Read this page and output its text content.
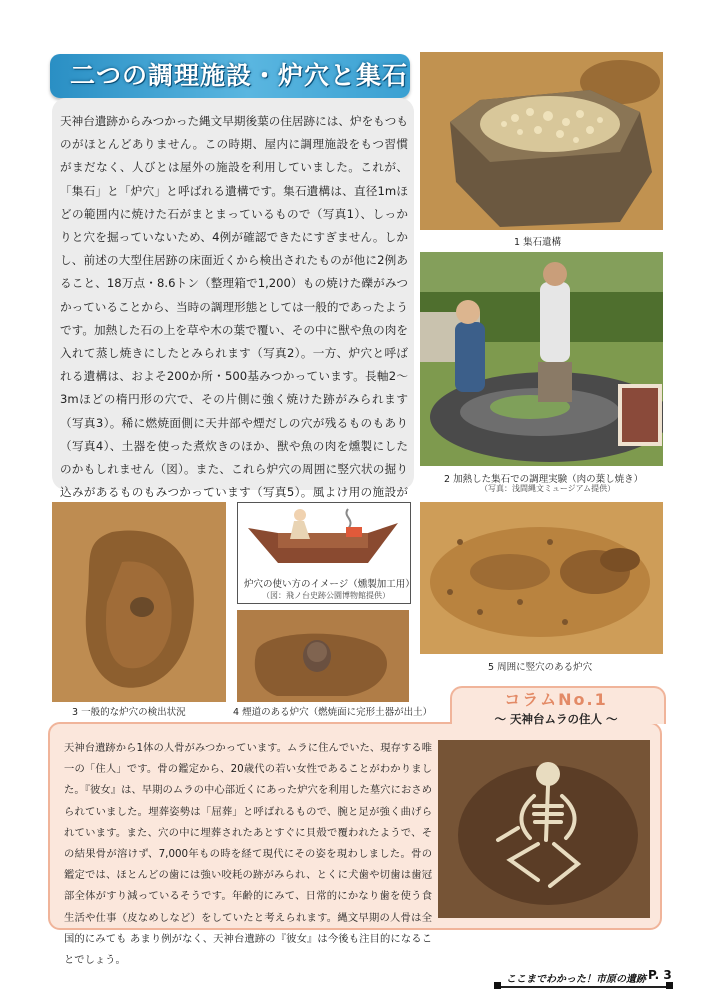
二つの調理施設・炉穴と集石
天神台遺跡からみつかった縄文早期後葉の住居跡には、炉をもつものがほとんどありません。この時期、屋内に調理施設をもつ習慣がまだなく、人びとは屋外の施設を利用していました。これが、「集石」と「炉穴」と呼ばれる遺構です。集石遺構は、直径1mほどの範囲内に焼けた石がまとまっているもので（写真1）、しっかりと穴を掘っていないため、4例が確認できたにすぎません。しかし、前述の大型住居跡の床面近くから検出されたものが他に2例あること、18万点・8.6トン（整理箱で1,200）もの焼けた礫がみつかっていることから、当時の調理形態としては一般的であったようです。加熱した石の上を草や木の葉で覆い、その中に獣や魚の肉を入れて蒸し焼きにしたとみられます（写真2）。一方、炉穴と呼ばれる遺構は、およそ200か所・500基みつかっています。長軸2〜3mほどの楕円形の穴で、その片側に強く焼けた跡がみられます（写真3）。稀に燃焼面側に天井部や煙だしの穴が残るものもあり（写真4）、土器を使った煮炊きのほか、獣や魚の肉を燻製にしたのかもしれません（図）。また、これら炉穴の周囲に竪穴状の掘り込みがあるものもみつかっています（写真5）。風よけ用の施設が
1 集石遺構
2 加熱した集石での調理実験（肉の葉し焼き）
（写真：浅間縄文ミュージアム提供）
3 一般的な炉穴の検出状況
炉穴の使い方のイメージ（燻製加工用）
（図：飛ノ台史跡公園博物館提供）
4 煙道のある炉穴（燃焼面に完形土器が出土）
5 周囲に竪穴のある炉穴
コラムNo.1
〜 天神台ムラの住人 〜
天神台遺跡から1体の人骨がみつかっています。ムラに住んでいた、現存する唯一の「住人」です。骨の鑑定から、20歳代の若い女性であることがわかりました。『彼女』は、早期のムラの中心部近くにあった炉穴を利用した墓穴におさめられていました。埋葬姿勢は「屈葬」と呼ばれるもので、腕と足が強く曲げられています。また、穴の中に埋葬されたあとすぐに貝殻で覆われたようで、その結果骨が溶けず、7,000年もの時を経て現代にその姿を現わしました。骨の鑑定では、ほとんどの歯には強い咬耗の跡がみられ、とくに犬歯や切歯は歯冠部全体がすり減っているそうです。年齢的にみて、日常的にかなり歯を使う食生活や仕事（皮なめしなど）をしていたと考えられます。縄文早期の人骨は全国的にみても あまり例がなく、天神台遺跡の『彼女』は今後も注目的になることでしょう。
ここまでわかった！市原の遺跡 P. 3
